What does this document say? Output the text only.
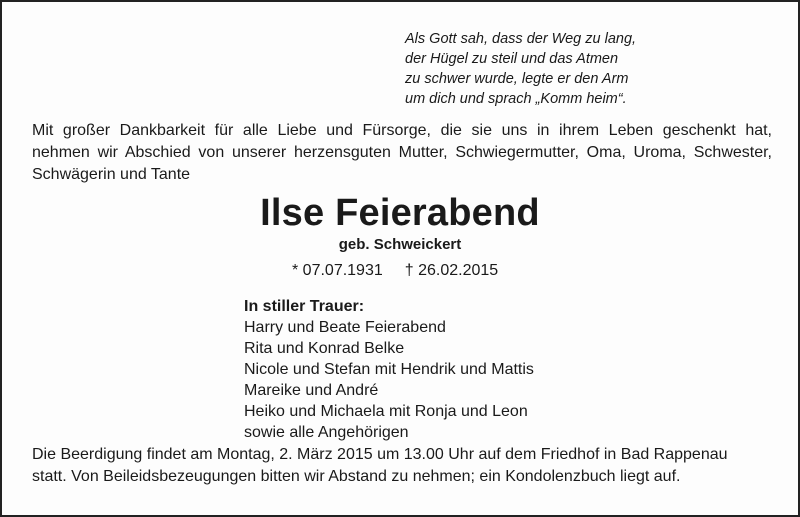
Als Gott sah, dass der Weg zu lang,
der Hügel zu steil und das Atmen
zu schwer wurde, legte er den Arm
um dich und sprach „Komm heim“.
Mit großer Dankbarkeit für alle Liebe und Fürsorge, die sie uns in ihrem Leben geschenkt hat,
nehmen wir Abschied von unserer herzensguten Mutter, Schwiegermutter, Oma, Uroma, Schwester,
Schwägerin und Tante
Ilse Feierabend
geb. Schweickert
* 07.07.1931 † 26.02.2015
In stiller Trauer:
Harry und Beate Feierabend
Rita und Konrad Belke
Nicole und Stefan mit Hendrik und Mattis
Mareike und André
Heiko und Michaela mit Ronja und Leon
sowie alle Angehörigen
Die Beerdigung findet am Montag, 2. März 2015 um 13.00 Uhr auf dem Friedhof in Bad Rappenau
statt. Von Beileidsbezeugungen bitten wir Abstand zu nehmen; ein Kondolenzbuch liegt auf.
